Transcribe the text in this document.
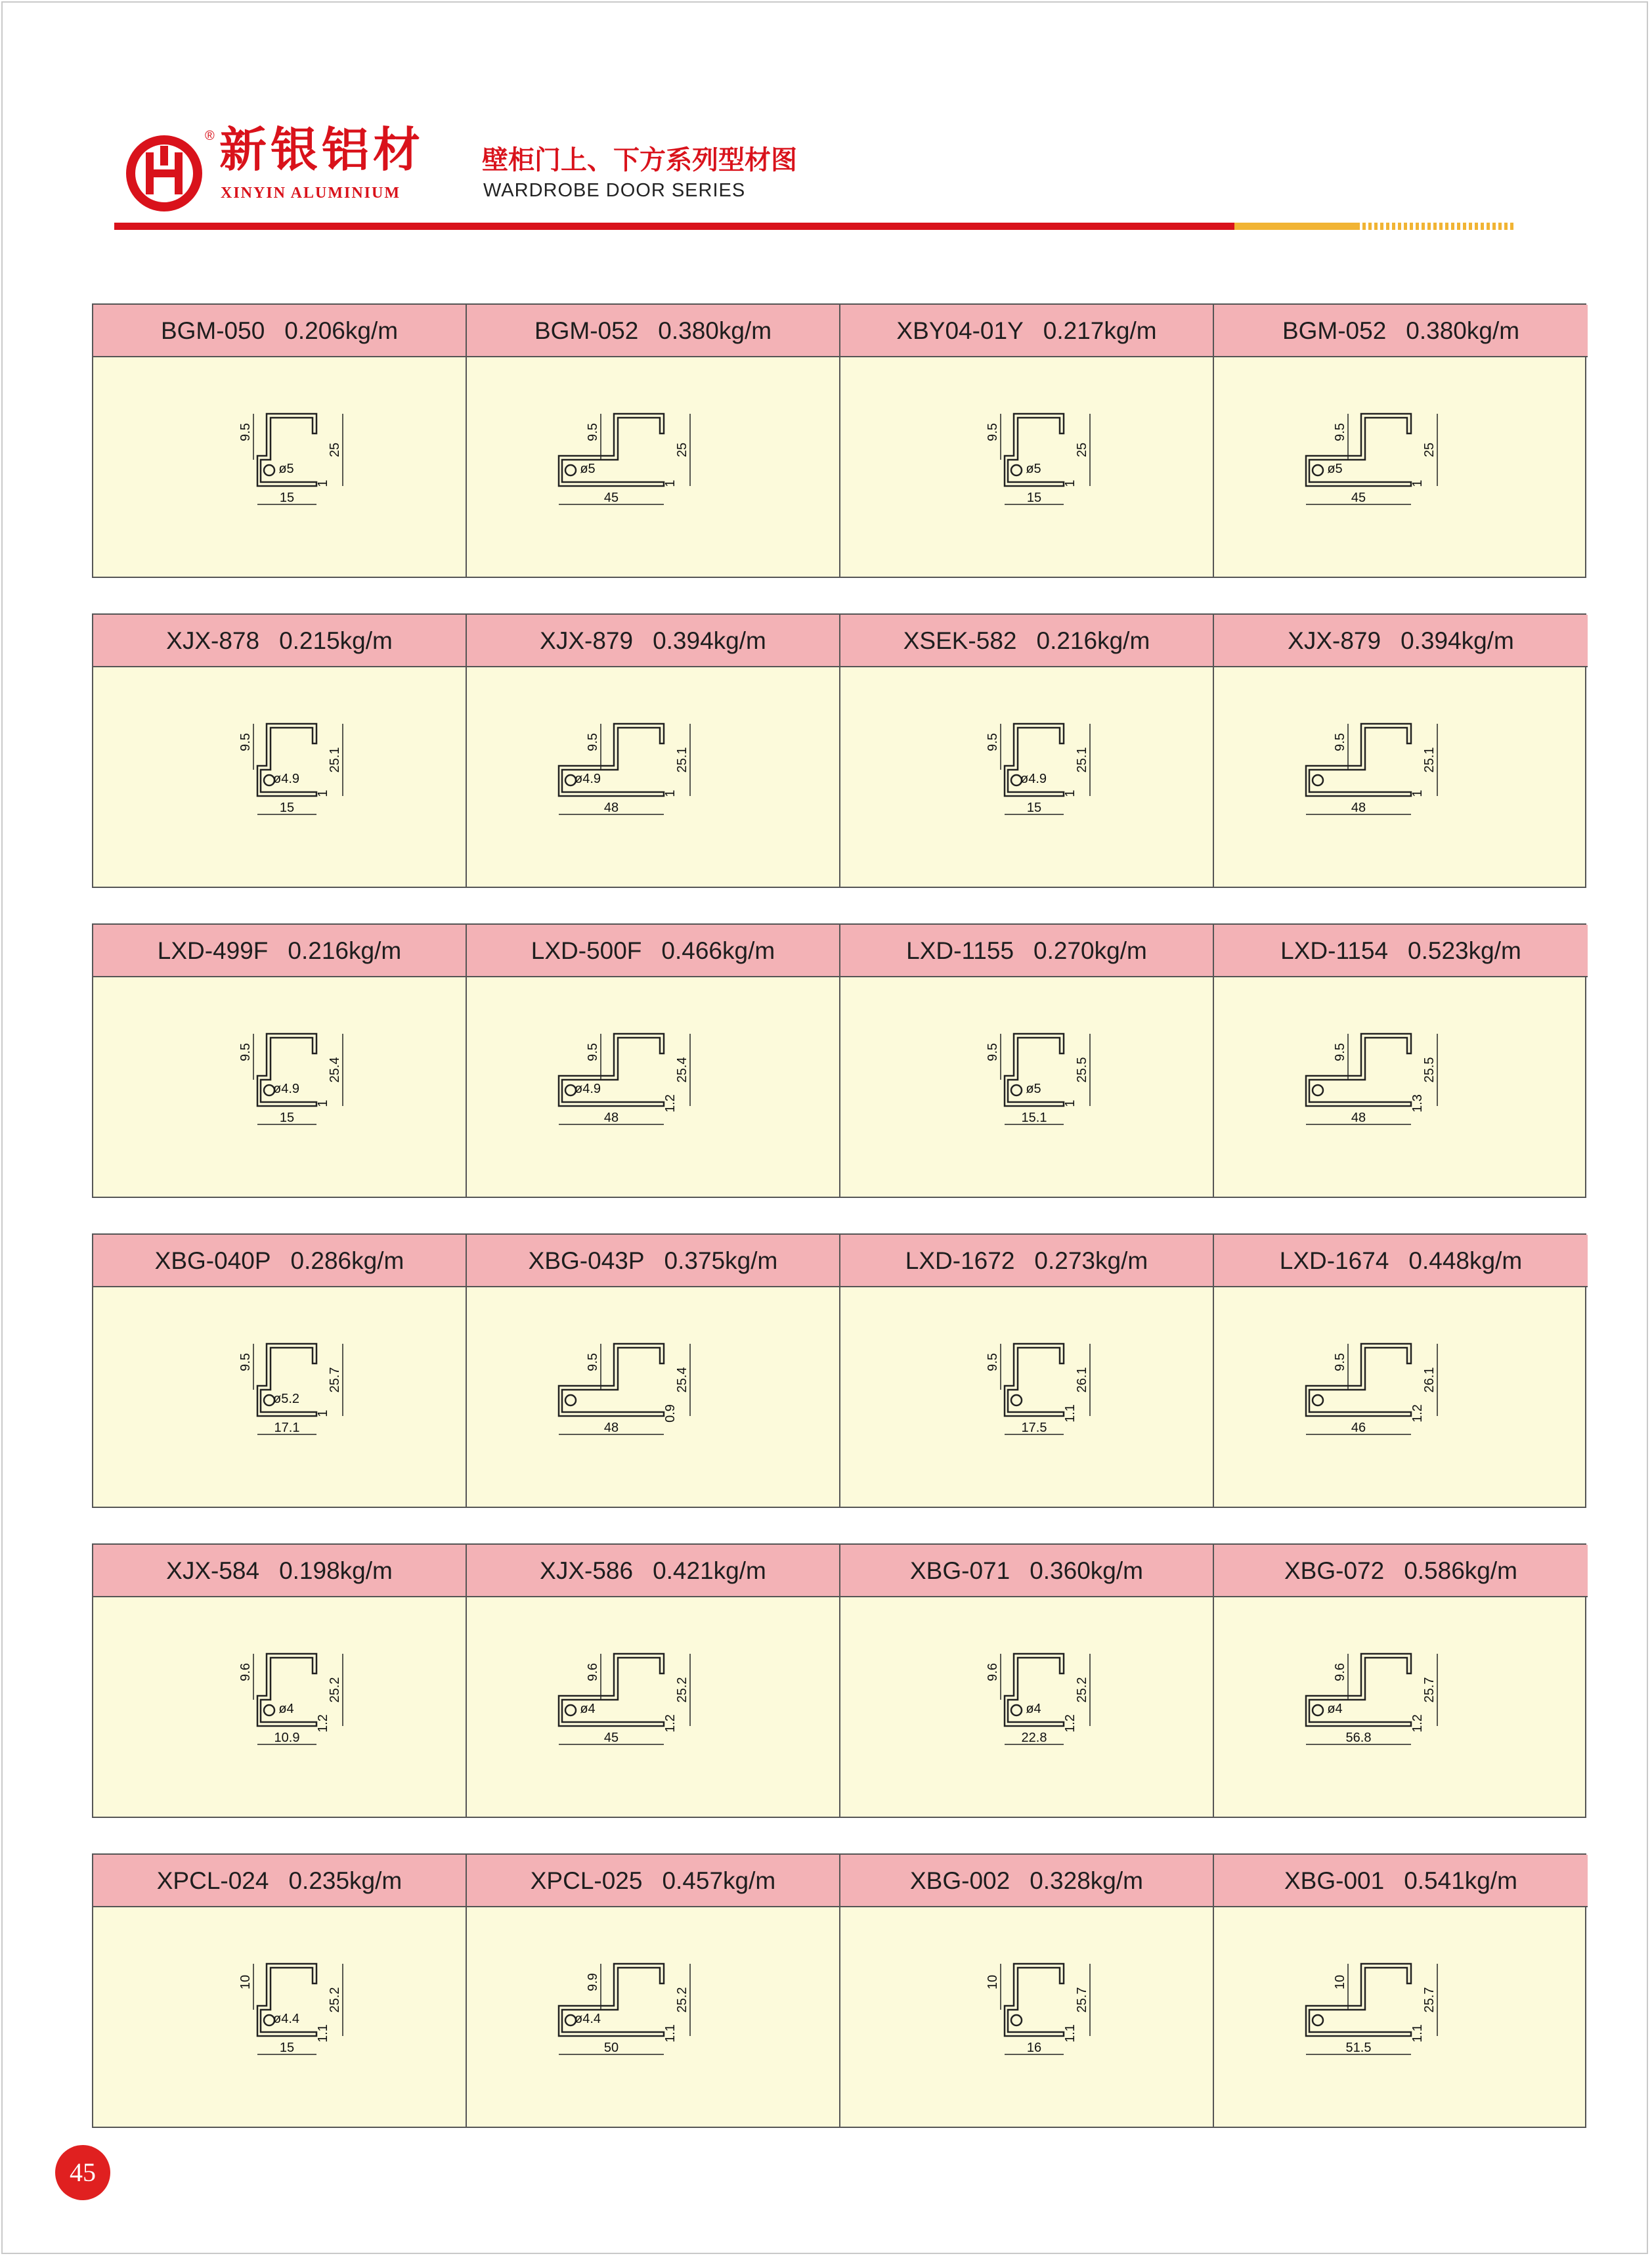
® 新银铝材
XINYIN ALUMINIUM
壁柜门上、下方系列型材图
WARDROBE DOOR SERIES
BGM-050 0.206kg/m
15
25
9.5
1
ø5
BGM-052 0.380kg/m
45
25
9.5
1
ø5
XBY04-01Y 0.217kg/m
15
25
9.5
1
ø5
BGM-052 0.380kg/m
45
25
9.5
1
ø5
XJX-878 0.215kg/m
15
25.1
9.5
1
ø4.9
XJX-879 0.394kg/m
48
25.1
9.5
1
ø4.9
XSEK-582 0.216kg/m
15
25.1
9.5
1
ø4.9
XJX-879 0.394kg/m
48
25.1
9.5
1
LXD-499F 0.216kg/m
15
25.4
9.5
1
ø4.9
LXD-500F 0.466kg/m
48
25.4
9.5
1.2
ø4.9
LXD-1155 0.270kg/m
15.1
25.5
9.5
1
ø5
LXD-1154 0.523kg/m
48
25.5
9.5
1.3
XBG-040P 0.286kg/m
17.1
25.7
9.5
1
ø5.2
XBG-043P 0.375kg/m
48
25.4
9.5
0.9
LXD-1672 0.273kg/m
17.5
26.1
9.5
1.1
LXD-1674 0.448kg/m
46
26.1
9.5
1.2
XJX-584 0.198kg/m
10.9
25.2
9.6
1.2
ø4
XJX-586 0.421kg/m
45
25.2
9.6
1.2
ø4
XBG-071 0.360kg/m
22.8
25.2
9.6
1.2
ø4
XBG-072 0.586kg/m
56.8
25.7
9.6
1.2
ø4
XPCL-024 0.235kg/m
15
25.2
10
1.1
ø4.4
XPCL-025 0.457kg/m
50
25.2
9.9
1.1
ø4.4
XBG-002 0.328kg/m
16
25.7
10
1.1
XBG-001 0.541kg/m
51.5
25.7
10
1.1
45
